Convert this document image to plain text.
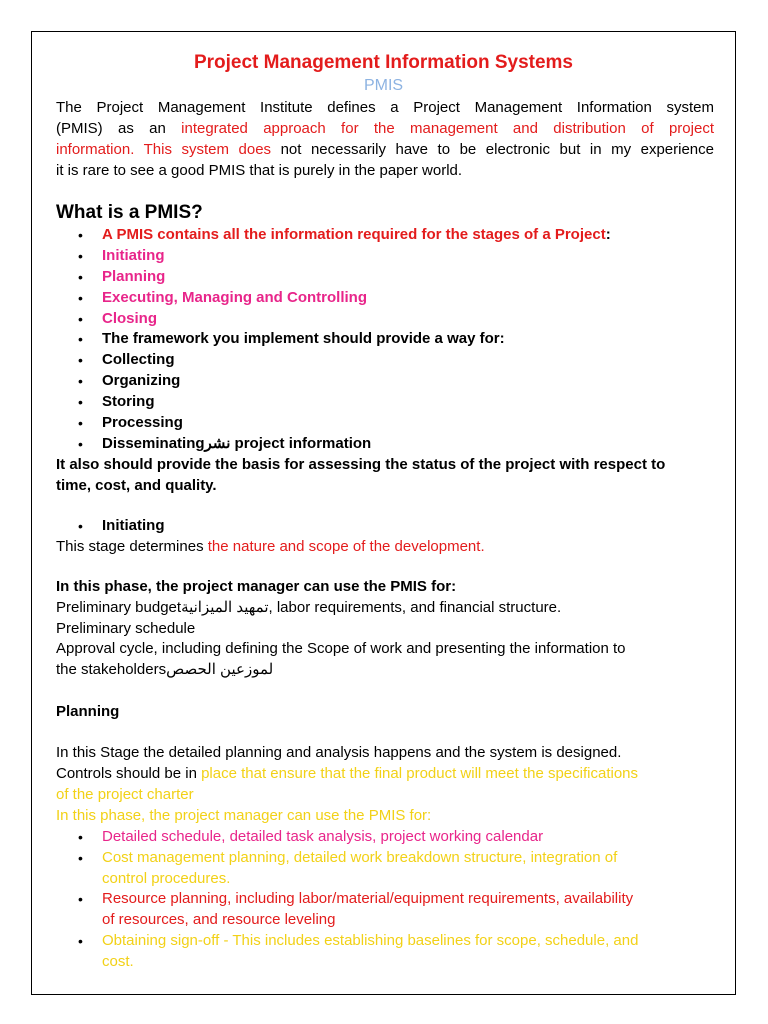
Project Management Information Systems
PMIS
The Project Management Institute defines a Project Management Information system
(PMIS) as an integrated approach for the management and distribution of project
information. This system does not necessarily have to be electronic but in my experience
it is rare to see a good PMIS that is purely in the paper world.
What is a PMIS?
• A PMIS contains all the information required for the stages of a Project:
• Initiating
• Planning
• Executing, Managing and Controlling
• Closing
• The framework you implement should provide a way for:
• Collecting
• Organizing
• Storing
• Processing
• Disseminatingنشر project information
It also should provide the basis for assessing the status of the project with respect to
time, cost, and quality.
• Initiating
This stage determines the nature and scope of the development.
In this phase, the project manager can use the PMIS for:
Preliminary budgetتمهيد الميزانية, labor requirements, and financial structure.
Preliminary schedule
Approval cycle, including defining the Scope of work and presenting the information to
the stakeholdersلموزعين الحصص
Planning
In this Stage the detailed planning and analysis happens and the system is designed.
Controls should be in place that ensure that the final product will meet the specifications
of the project charter
In this phase, the project manager can use the PMIS for:
• Detailed schedule, detailed task analysis, project working calendar
• Cost management planning, detailed work breakdown structure, integration of
control procedures.
• Resource planning, including labor/material/equipment requirements, availability
of resources, and resource leveling
• Obtaining sign-off - This includes establishing baselines for scope, schedule, and
cost.
